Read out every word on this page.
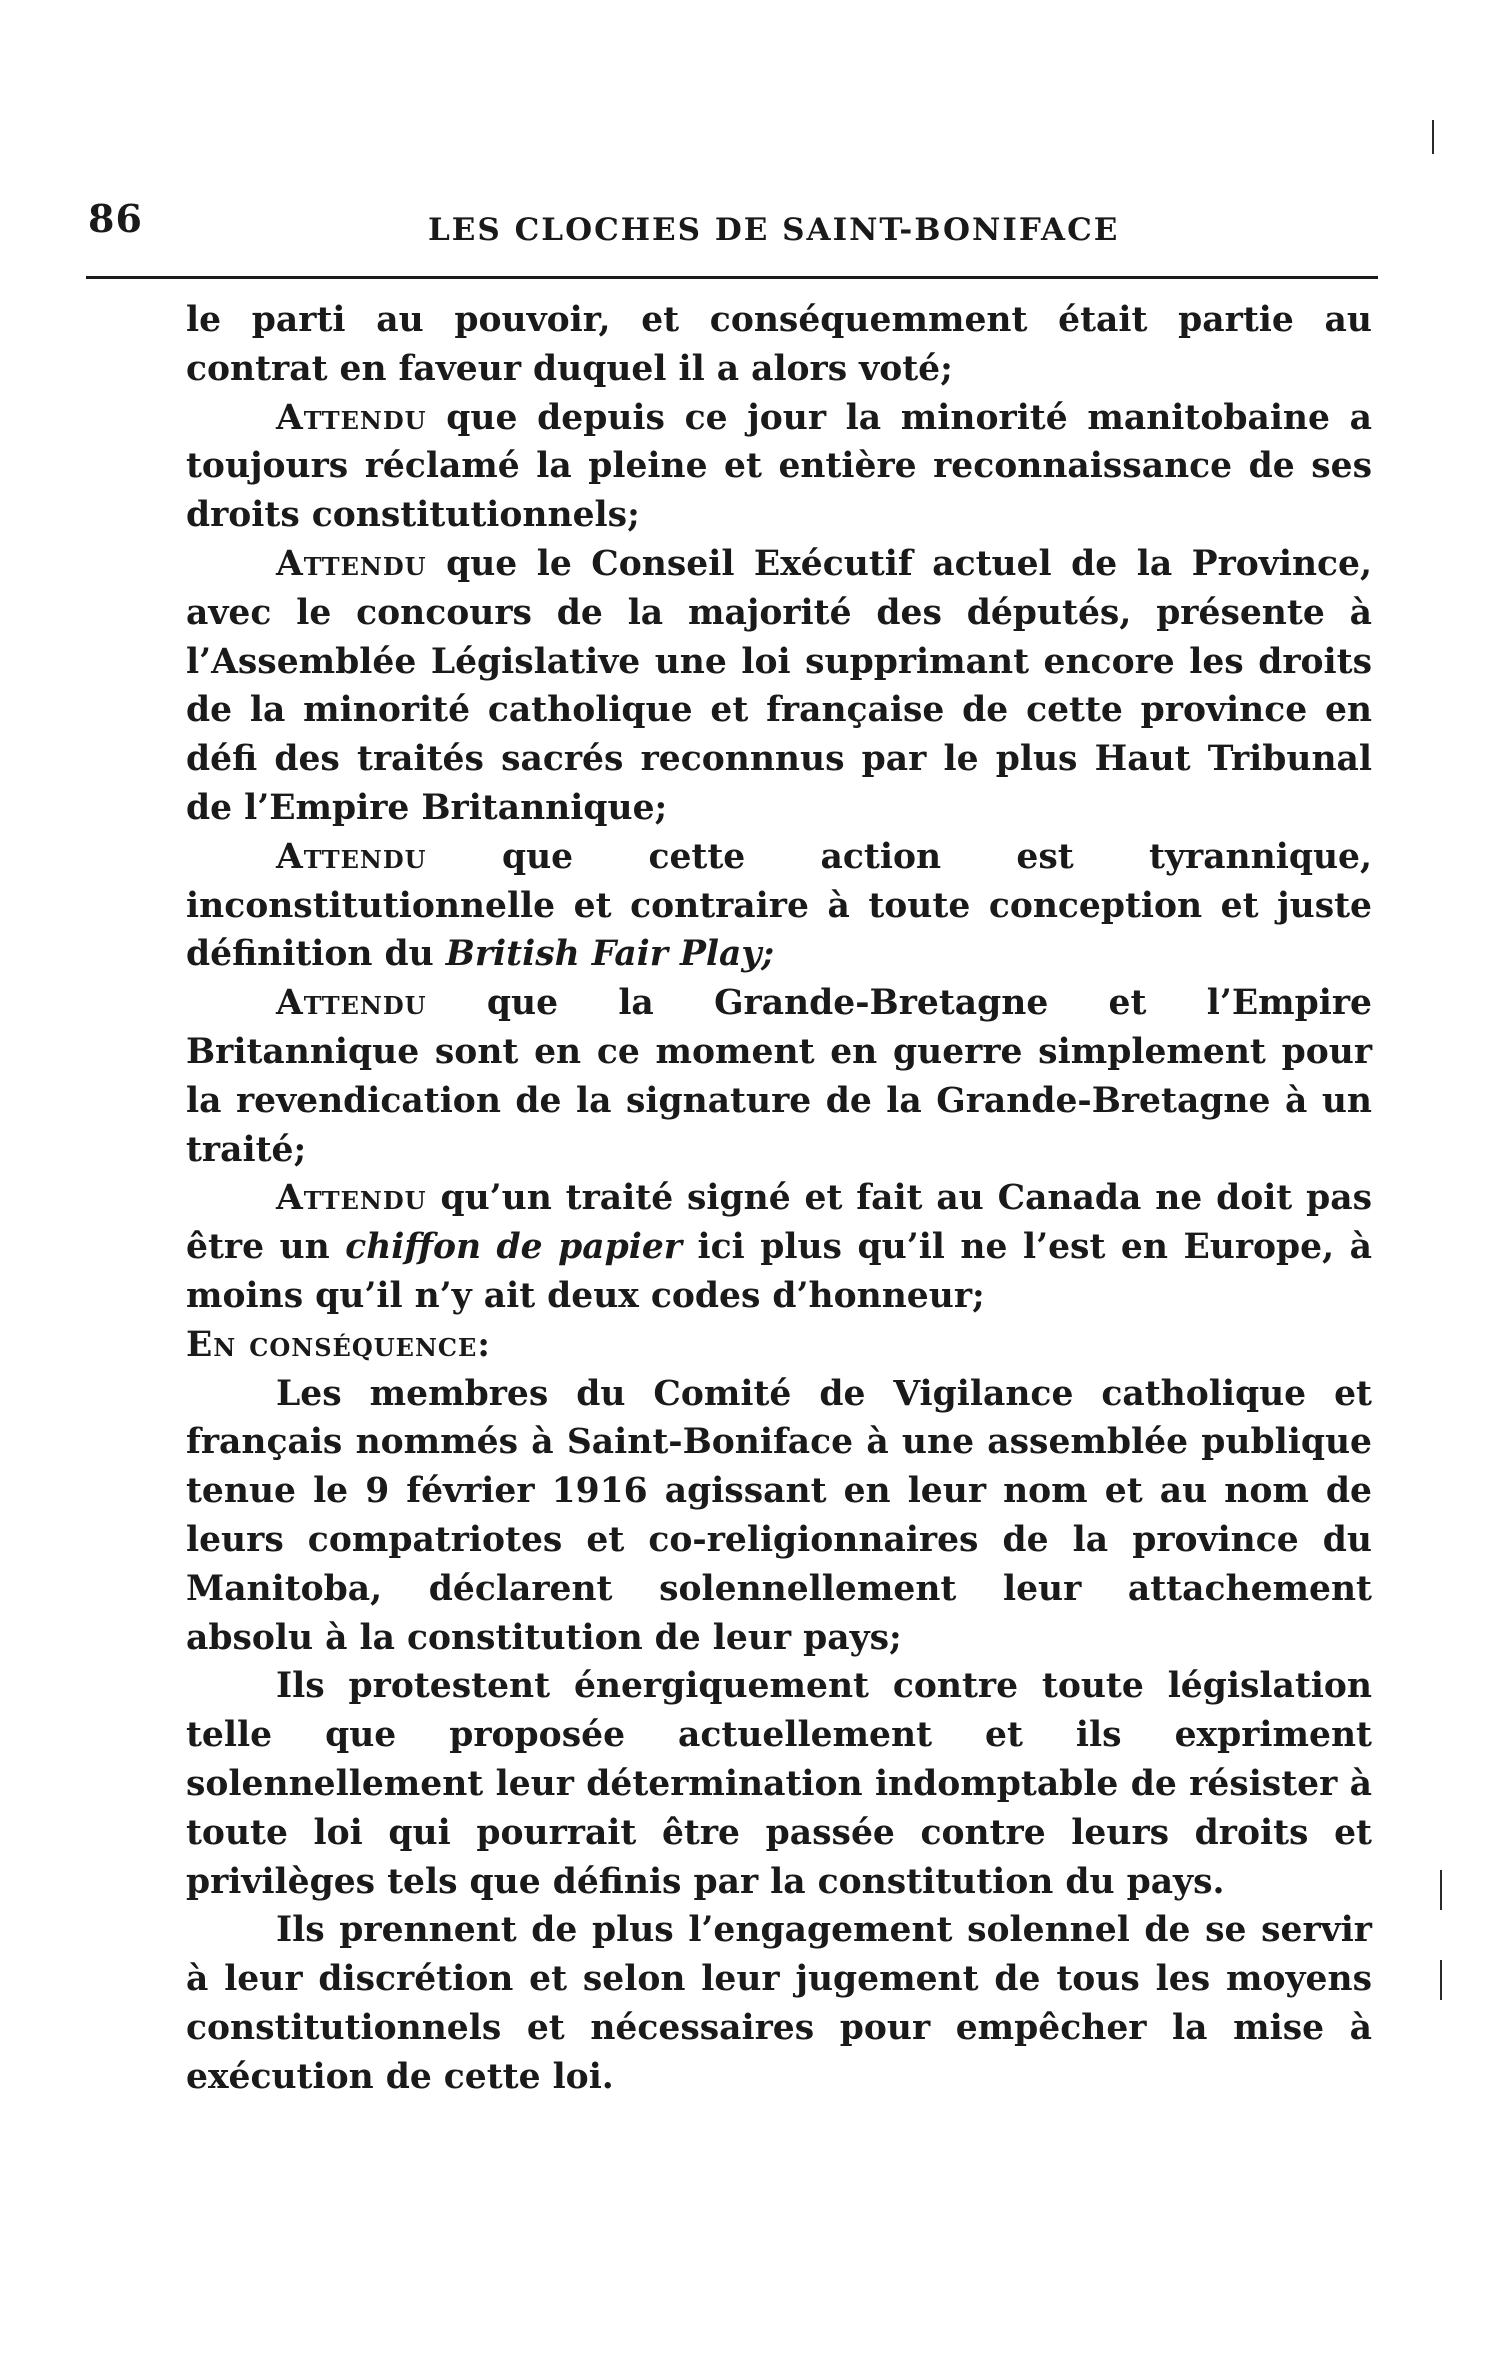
86	LES CLOCHES DE SAINT-BONIFACE

le parti au pouvoir, et conséquemment était partie au contrat en faveur duquel il a alors voté;

Attendu que depuis ce jour la minorité manitobaine a toujours réclamé la pleine et entière reconnaissance de ses droits constitutionnels;

Attendu que le Conseil Exécutif actuel de la Province, avec le concours de la majorité des députés, présente à l’Assemblée Législative une loi supprimant encore les droits de la minorité catholique et française de cette province en défi des traités sacrés reconnnus par le plus Haut Tribunal de l’Empire Britannique;

Attendu que cette action est tyrannique, inconstitutionnelle et contraire à toute conception et juste définition du British Fair Play;

Attendu que la Grande-Bretagne et l’Empire Britannique sont en ce moment en guerre simplement pour la revendication de la signature de la Grande-Bretagne à un traité;

Attendu qu’un traité signé et fait au Canada ne doit pas être un chiffon de papier ici plus qu’il ne l’est en Europe, à moins qu’il n’y ait deux codes d’honneur;

En conséquence:

Les membres du Comité de Vigilance catholique et français nommés à Saint-Boniface à une assemblée publique tenue le 9 février 1916 agissant en leur nom et au nom de leurs compatriotes et co-religionnaires de la province du Manitoba, déclarent solennellement leur attachement absolu à la constitution de leur pays;

Ils protestent énergiquement contre toute législation telle que proposée actuellement et ils expriment solennellement leur détermination indomptable de résister à toute loi qui pourrait être passée contre leurs droits et privilèges tels que définis par la constitution du pays.

Ils prennent de plus l’engagement solennel de se servir à leur discrétion et selon leur jugement de tous les moyens constitutionnels et nécessaires pour empêcher la mise à exécution de cette loi.
